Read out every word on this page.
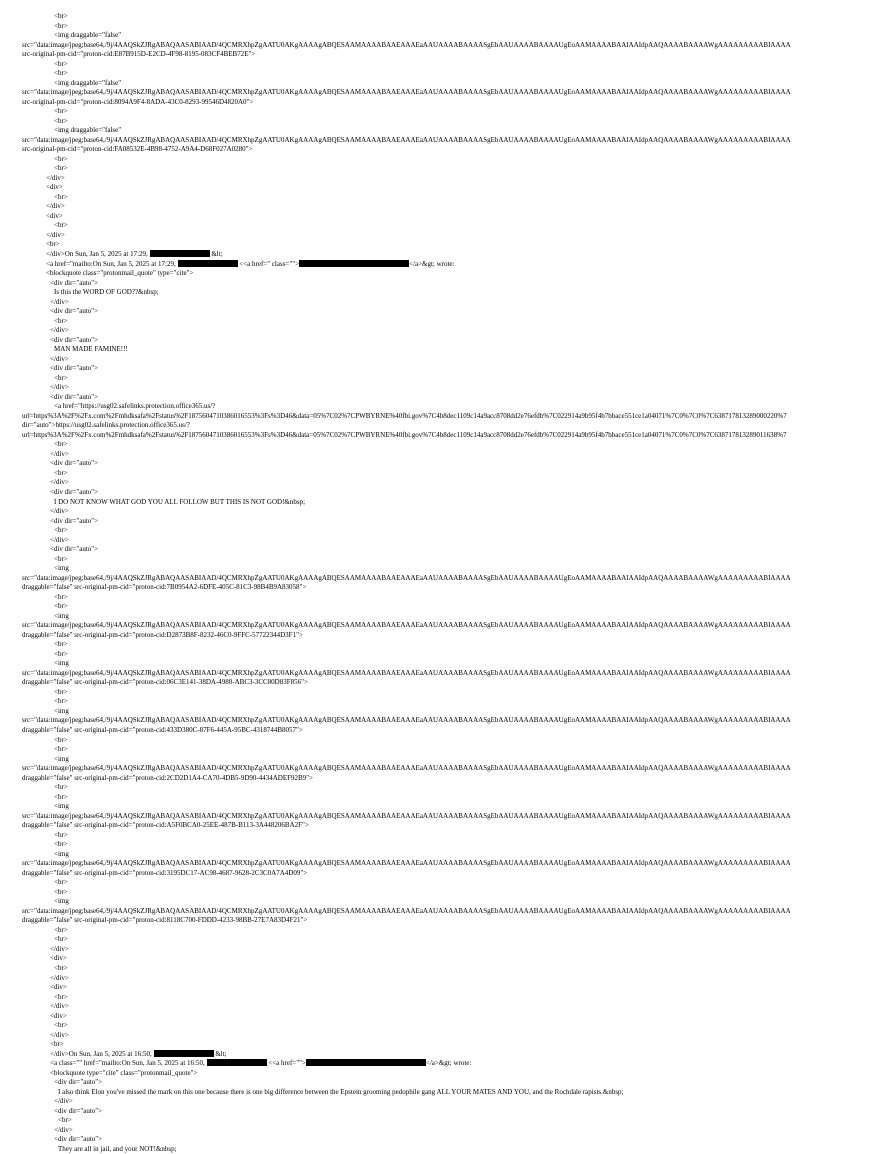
<br>
<br>
<img draggable="false"
src="data:image/jpeg;base64,/9j/4AAQSkZJRgABAQAASABIAAD/4QCMRXhpZgAATU0AKgAAAAgABQESAAMAAAABAAEAAAEaAAUAAAABAAAASgEbAAUAAAABAAAAUgEoAAMAAAABAAIAAIdpAAQAAAABAAAAWgAAAAAAAAABIAAAA
src-original-pm-cid="proton-cid:E87B915D-E2CD-4F98-8195-083CF4BEB72E">
<br>
<br>
<img draggable="false"
src="data:image/jpeg;base64,/9j/4AAQSkZJRgABAQAASABIAAD/4QCMRXhpZgAATU0AKgAAAAgABQESAAMAAAABAAEAAAEaAAUAAAABAAAASgEbAAUAAAABAAAAUgEoAAMAAAABAAIAAIdpAAQAAAABAAAAWgAAAAAAAAABIAAAA
src-original-pm-cid="proton-cid:8094A9F4-8ADA-43C0-8293-99546D4820A0">
<br>
<br>
<img draggable="false"
src="data:image/jpeg;base64,/9j/4AAQSkZJRgABAQAASABIAAD/4QCMRXhpZgAATU0AKgAAAAgABQESAAMAAAABAAEAAAEaAAUAAAABAAAASgEbAAUAAAABAAAAUgEoAAMAAAABAAIAAIdpAAQAAAABAAAAWgAAAAAAAAABIAAAA
src-original-pm-cid="proton-cid:FA08532E-4B98-4752-A9A4-D68F027A0280">
<br>
<br>
</div>
<div>
<br>
</div>
<div>
<br>
</div>
<br>
</div>On Sun, Jan 5, 2025 at 17:29,	&lt;
<a href="mailto:On Sun, Jan 5, 2025 at 17:29,	<<a href=" class="">	</a>&gt; wrote:
<blockquote class="protonmail_quote" type="cite">
<div dir="auto">
Is this the WORD OF GOD??&nbsp;
</div>
<div dir="auto">
<br>
</div>
<div dir="auto">
MAN MADE FAMINE!!!
</div>
<div dir="auto">
<br>
</div>
<div dir="auto">
<a href="https://usg02.safelinks.protection.office365.us/?
url=https%3A%2F%2Fx.com%2Fmhdksafa%2Fstatus%2F1875604710386016553%3Fs%3D46&data=05%7C02%7CPWBYRNE%40fbi.gov%7C4b8dec1109c14a9acc8708dd2e76efdb%7C022914a9b95f4b7bbace551ce1a04071%7C0%7C0%7C638717813289000220%7
dir="auto">https://usg02.safelinks.protection.office365.us/?
url=https%3A%2F%2Fx.com%2Fmhdksafa%2Fstatus%2F1875604710386016553%3Fs%3D46&data=05%7C02%7CPWBYRNE%40fbi.gov%7C4b8dec1109c14a9acc8708dd2e76efdb%7C022914a9b95f4b7bbace551ce1a04071%7C0%7C0%7C638717813289011638%7
<br>
</div>
<div dir="auto">
<br>
</div>
<div dir="auto">
I DO NOT KNOW WHAT GOD YOU ALL FOLLOW BUT THIS IS NOT GOD!&nbsp;
</div>
<div dir="auto">
<br>
</div>
<div dir="auto">
<br>
<img
src="data:image/jpeg;base64,/9j/4AAQSkZJRgABAQAASABIAAD/4QCMRXhpZgAATU0AKgAAAAgABQESAAMAAAABAAEAAAEaAAUAAAABAAAASgEbAAUAAAABAAAAUgEoAAMAAAABAAIAAIdpAAQAAAABAAAAWgAAAAAAAAABIAAAA
draggable="false" src-original-pm-cid="proton-cid:7B0954A2-6DFE-405C-81C3-98B4B9A83058">
<br>
<br>
<img
src="data:image/jpeg;base64,/9j/4AAQSkZJRgABAQAASABIAAD/4QCMRXhpZgAATU0AKgAAAAgABQESAAMAAAABAAEAAAEaAAUAAAABAAAASgEbAAUAAAABAAAAUgEoAAMAAAABAAIAAIdpAAQAAAABAAAAWgAAAAAAAAABIAAAA
draggable="false" src-original-pm-cid="proton-cid:D2873B8F-8232-46C0-9FFC-57722344D3F1">
<br>
<br>
<img
src="data:image/jpeg;base64,/9j/4AAQSkZJRgABAQAASABIAAD/4QCMRXhpZgAATU0AKgAAAAgABQESAAMAAAABAAEAAAEaAAUAAAABAAAASgEbAAUAAAABAAAAUgEoAAMAAAABAAIAAIdpAAQAAAABAAAAWgAAAAAAAAABIAAAA
draggable="false" src-original-pm-cid="proton-cid:06C3E141-38DA-4980-ABC3-3CC80D83F856">
<br>
<br>
<img
src="data:image/jpeg;base64,/9j/4AAQSkZJRgABAQAASABIAAD/4QCMRXhpZgAATU0AKgAAAAgABQESAAMAAAABAAEAAAEaAAUAAAABAAAASgEbAAUAAAABAAAAUgEoAAMAAAABAAIAAIdpAAQAAAABAAAAWgAAAAAAAAABIAAAA
draggable="false" src-original-pm-cid="proton-cid:433D380C-87F6-445A-95BC-4318744B8057">
<br>
<br>
<img
src="data:image/jpeg;base64,/9j/4AAQSkZJRgABAQAASABIAAD/4QCMRXhpZgAATU0AKgAAAAgABQESAAMAAAABAAEAAAEaAAUAAAABAAAASgEbAAUAAAABAAAAUgEoAAMAAAABAAIAAIdpAAQAAAABAAAAWgAAAAAAAAABIAAAA
draggable="false" src-original-pm-cid="proton-cid:2CD2D1A4-CA70-4DB5-9D90-4434ADEF92B9">
<br>
<br>
<img
src="data:image/jpeg;base64,/9j/4AAQSkZJRgABAQAASABIAAD/4QCMRXhpZgAATU0AKgAAAAgABQESAAMAAAABAAEAAAEaAAUAAAABAAAASgEbAAUAAAABAAAAUgEoAAMAAAABAAIAAIdpAAQAAAABAAAAWgAAAAAAAAABIAAAA
draggable="false" src-original-pm-cid="proton-cid:A5F0BCA0-25EE-487B-B113-3A448206BA2F">
<br>
<br>
<img
src="data:image/jpeg;base64,/9j/4AAQSkZJRgABAQAASABIAAD/4QCMRXhpZgAATU0AKgAAAAgABQESAAMAAAABAAEAAAEaAAUAAAABAAAASgEbAAUAAAABAAAAUgEoAAMAAAABAAIAAIdpAAQAAAABAAAAWgAAAAAAAAABIAAAA
draggable="false" src-original-pm-cid="proton-cid:3195DC17-AC98-4687-9628-2C3C0A7A4D09">
<br>
<br>
<img
src="data:image/jpeg;base64,/9j/4AAQSkZJRgABAQAASABIAAD/4QCMRXhpZgAATU0AKgAAAAgABQESAAMAAAABAAEAAAEaAAUAAAABAAAASgEbAAUAAAABAAAAUgEoAAMAAAABAAIAAIdpAAQAAAABAAAAWgAAAAAAAAABIAAAA
draggable="false" src-original-pm-cid="proton-cid:8118C700-FDDD-4233-98BB-27E7A83D4F21">
<br>
<br>
</div>
<div>
<br>
</div>
<div>
<br>
</div>
<div>
<br>
</div>
<br>
</div>On Sun, Jan 5, 2025 at 16:50,	&lt;
<a class="" href="mailto:On Sun, Jan 5, 2025 at 16:50,	<<a href="">	</a>&gt; wrote:
<blockquote type="cite" class="protonmail_quote">
<div dir="auto">
I also think Elon you've missed the mark on this one because there is one big difference between the Epstein grooming pedophile gang ALL YOUR MATES AND YOU, and the Rochdale rapists.&nbsp;
</div>
<div dir="auto">
<br>
</div>
<div dir="auto">
They are all in jail, and your NOT!&nbsp;
